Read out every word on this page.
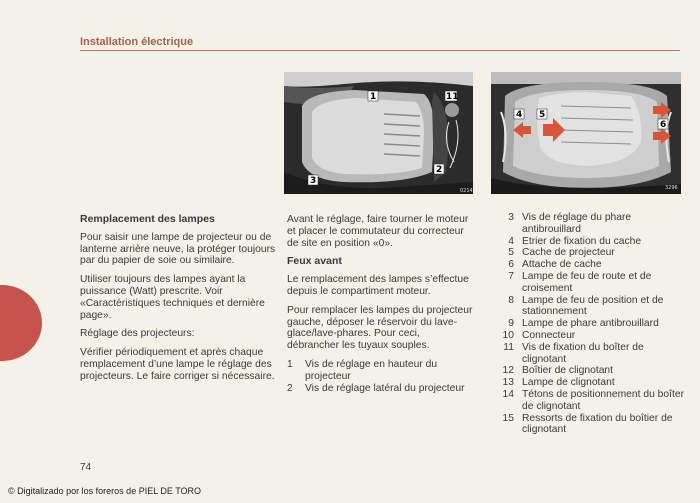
Installation électrique
1	11
2
3
0214
4 5
6
3296

Remplacement des lampes

Pour saisir une lampe de projecteur ou de lanterne arrière neuve, la protéger toujours par du papier de soie ou similaire.

Utiliser toujours des lampes ayant la puissance (Watt) prescrite. Voir «Caractéristiques techniques et dernière page».

Réglage des projecteurs:

Vérifier périodiquement et après chaque remplacement d’une lampe le réglage des projecteurs. Le faire corriger si nécessaire.

Avant le réglage, faire tourner le moteur et placer le commutateur du correcteur de site en position «0».

Feux avant

Le remplacement des lampes s’effectue depuis le compartiment moteur.

Pour remplacer les lampes du projecteur gauche, déposer le réservoir du lave-glace/lave-phares. Pour ceci, débrancher les tuyaux souples.

1	Vis de réglage en hauteur du projecteur
2	Vis de réglage latéral du projecteur
3 Vis de réglage du phare antibrouillard
4 Etrier de fixation du cache
5 Cache de projecteur
6 Attache de cache
7 Lampe de feu de route et de croisement
8 Lampe de feu de position et de stationnement
9 Lampe de phare antibrouillard
10 Connecteur
11 Vis de fixation du boîter de clignotant
12 Boîtier de clignotant
13 Lampe de clignotant
14 Tétons de positionnement du boîter de clignotant
15 Ressorts de fixation du boîtier de clignotant
74
© Digitalizado por los foreros de PIEL DE TORO
